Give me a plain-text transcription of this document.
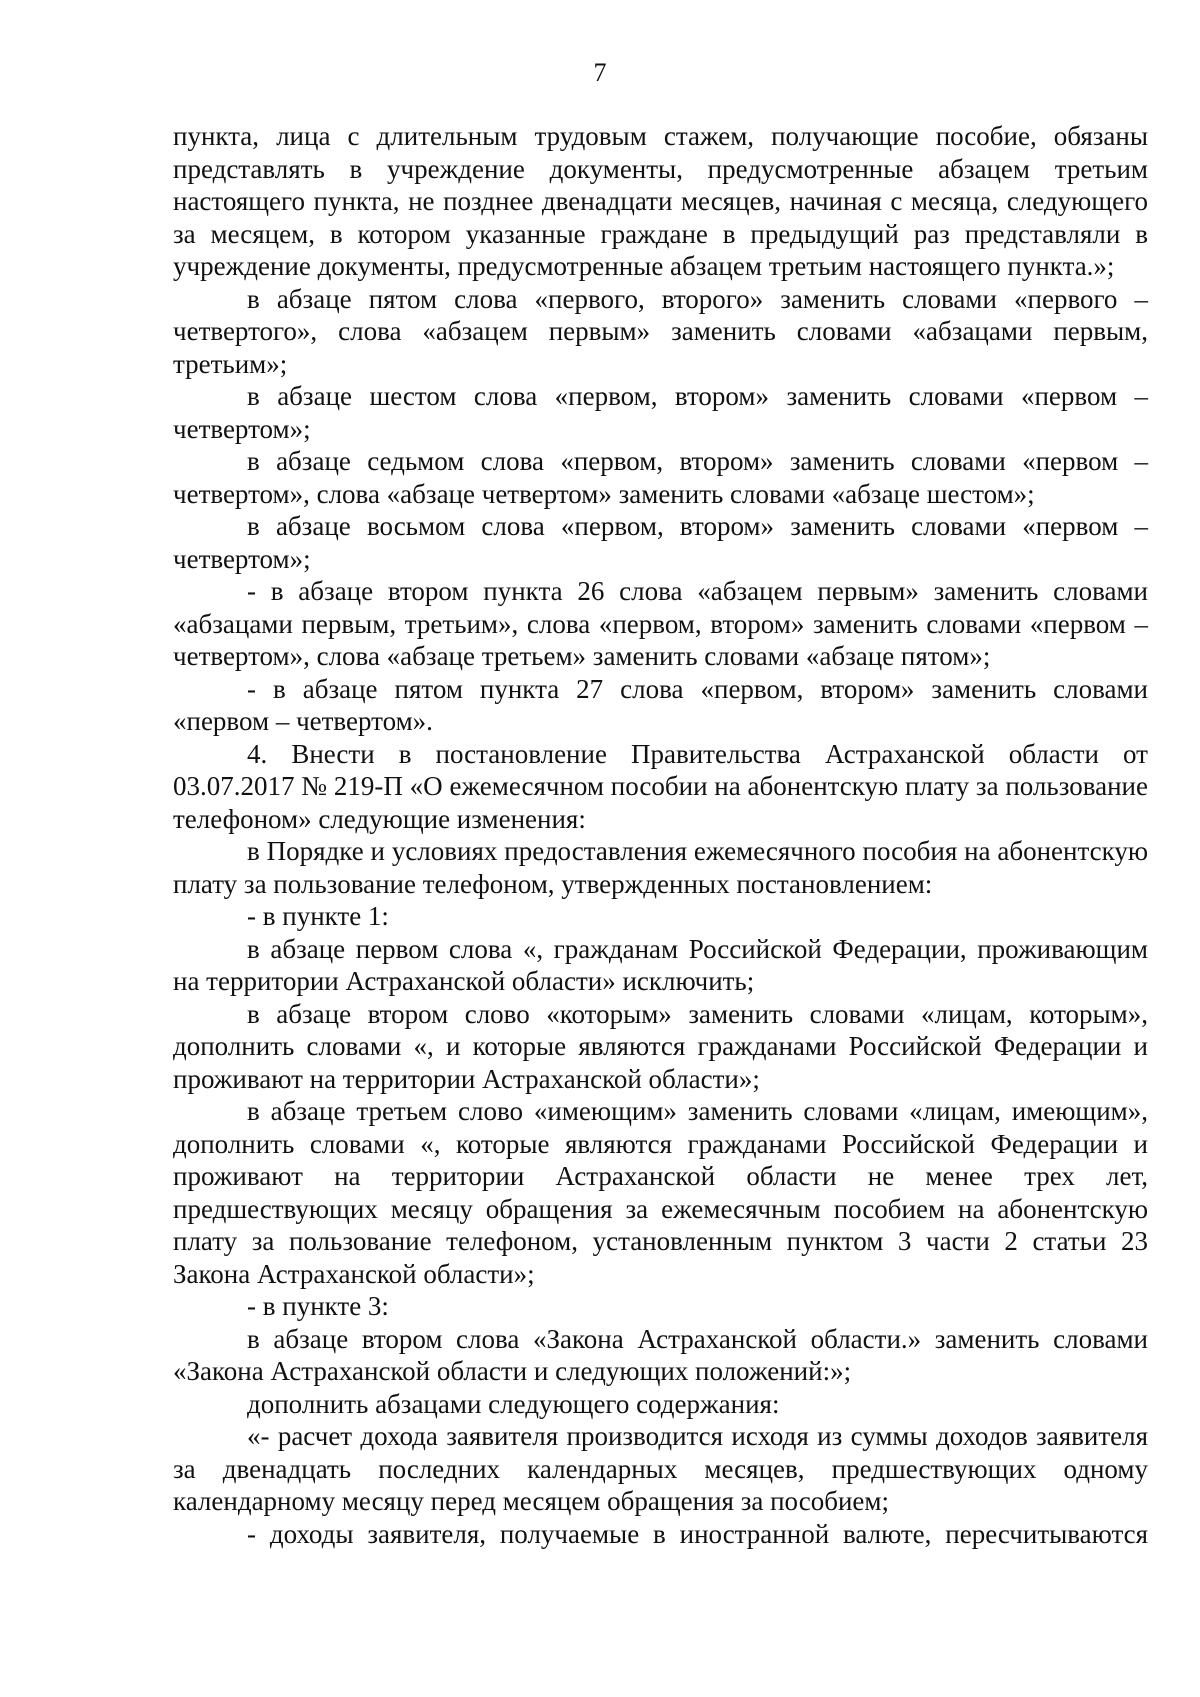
7

пункта, лица с длительным трудовым стажем, получающие пособие, обязаны представлять в учреждение документы, предусмотренные абзацем третьим настоящего пункта, не позднее двенадцати месяцев, начиная с месяца, следующего за месяцем, в котором указанные граждане в предыдущий раз представляли в учреждение документы, предусмотренные абзацем третьим настоящего пункта.»;

в абзаце пятом слова «первого, второго» заменить словами «первого – четвертого», слова «абзацем первым» заменить словами «абзацами первым, третьим»;

в абзаце шестом слова «первом, втором» заменить словами «первом – четвертом»;

в абзаце седьмом слова «первом, втором» заменить словами «первом – четвертом», слова «абзаце четвертом» заменить словами «абзаце шестом»;

в абзаце восьмом слова «первом, втором» заменить словами «первом – четвертом»;

- в абзаце втором пункта 26 слова «абзацем первым» заменить словами «абзацами первым, третьим», слова «первом, втором» заменить словами «первом – четвертом», слова «абзаце третьем» заменить словами «абзаце пятом»;

- в абзаце пятом пункта 27 слова «первом, втором» заменить словами «первом – четвертом».

4. Внести в постановление Правительства Астраханской области от 03.07.2017 № 219-П «О ежемесячном пособии на абонентскую плату за пользование телефоном» следующие изменения:

в Порядке и условиях предоставления ежемесячного пособия на абонентскую плату за пользование телефоном, утвержденных постановлением:

- в пункте 1:

в абзаце первом слова «, гражданам Российской Федерации, проживающим на территории Астраханской области» исключить;

в абзаце втором слово «которым» заменить словами «лицам, которым», дополнить словами «, и которые являются гражданами Российской Федерации и проживают на территории Астраханской области»;

в абзаце третьем слово «имеющим» заменить словами «лицам, имеющим», дополнить словами «, которые являются гражданами Российской Федерации и проживают на территории Астраханской области не менее трех лет, предшествующих месяцу обращения за ежемесячным пособием на абонентскую плату за пользование телефоном, установленным пунктом 3 части 2 статьи 23 Закона Астраханской области»;

- в пункте 3:

в абзаце втором слова «Закона Астраханской области.» заменить словами «Закона Астраханской области и следующих положений:»;

дополнить абзацами следующего содержания:

«- расчет дохода заявителя производится исходя из суммы доходов заявителя за двенадцать последних календарных месяцев, предшествующих одному календарному месяцу перед месяцем обращения за пособием;

- доходы заявителя, получаемые в иностранной валюте, пересчитываются
